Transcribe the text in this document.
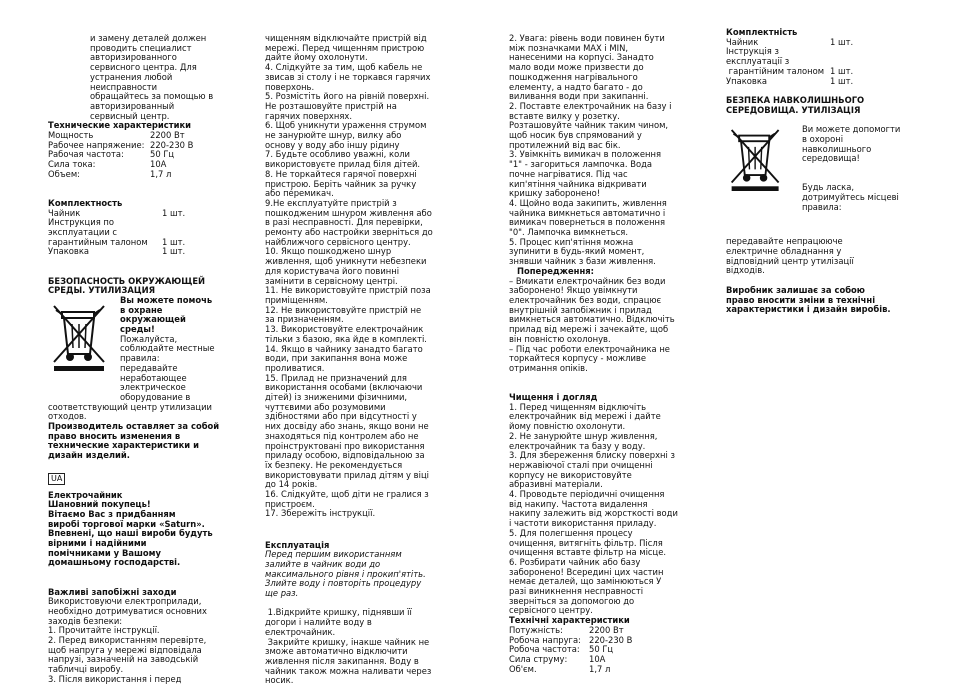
и замену деталей должен
проводить специалист
авторизированного
сервисного центра. Для
устранения любой
неисправности
обращайтесь за помощью в
авторизированный
сервисный центр.
Технические характеристики
Мощность	2200 Вт
Рабочее напряжение: 220-230 В
Рабочая частота:	50 Гц
Сила тока:	10А
Объем:	1,7 л
Комплектность
Чайник	1 шт.
Инструкция по эксплуатации с
гарантийным талоном	1 шт.
Упаковка	1 шт.
БЕЗОПАСНОСТЬ ОКРУЖАЮЩЕЙ
СРЕДЫ. УТИЛИЗАЦИЯ
Вы можете помочь
в охране
окружающей
среды!
Пожалуйста,
соблюдайте местные
правила:
передавайте
неработающее
электрическое
оборудование в
соответствующий центр утилизации
отходов.
Производитель оставляет за собой
право вносить изменения в
технические характеристики и
дизайн изделий.
UA
Електрочайник
Шановний покупець!
Вітаємо Вас з придбанням
виробі торгової марки «Saturn».
Впевнені, що наші вироби будуть
вірними і надійними
помічниками у Вашому
домашньому господарстві.
Важливі запобіжні заходи
Використовуючи електроприлади,
необхідно дотримуватися основних
заходів безпеки:
1. Прочитайте інструкції.
2. Перед використанням перевірте,
щоб напруга у мережі відповідала
напрузі, зазначеній на заводській
табличці виробу.
3. Після використання і перед
чищенням відключайте пристрій від
мережі. Перед чищенням пристрою
дайте йому охолонути.
4. Слідкуйте за тим, щоб кабель не
звисав зі столу і не торкався гарячих
поверхонь.
5. Розмістіть його на рівній поверхні.
Не розташовуйте пристрій на
гарячих поверхнях.
6. Щоб уникнути ураження струмом
не занурюйте шнур, вилку або
основу у воду або іншу рідину
7. Будьте особливо уважні, коли
використовуєте прилад біля дітей.
8. Не торкайтеся гарячої поверхні
пристрою. Беріть чайник за ручку
або пéремикач.
9.Не експлуатуйте пристрій з
пошкодженим шнуром живлення або
в разі несправності. Для перевірки,
ремонту або настройки зверніться до
найближчого сервісного центру.
10. Якщо пошкоджено шнур
живлення, щоб уникнути небезпеки
для користувача його повинні
замінити в сервісному центрі.
11. Не використовуйте пристрій поза
приміщенням.
12. Не використовуйте пристрій не
за призначенням.
13. Використовуйте електрочайник
тільки з базою, яка йде в комплекті.
14. Якщо в чайнику занадто багато
води, при закипання вона може
проливатися.
15. Прилад не призначений для
використання особами (включаючи
дітей) із зниженими фізичними,
чуттєвими або розумовими
здібностями або при відсутності у
них досвіду або знань, якщо вони не
знаходяться під контролем або не
проінструктовані про використання
приладу особою, відповідальною за
їх безпеку. Не рекомендується
використовувати прилад дітям у віці
до 14 років.
16. Слідкуйте, щоб діти не гралися з
пристроєм.
17. Збережіть інструкції.
Експлуатація
Перед першим використанням
залийте в чайник води до
максимального рівня і прокип'ятіть.
Злийте воду і повторіть процедуру
ще раз.
1.Відкрийте кришку, піднявши її
догори і налийте воду в
електрочайник.
Закрийте кришку, інакше чайник не
зможе автоматично відключити
живлення після закипання. Воду в
чайник також можна наливати через
носик.
2. Увага: рівень води повинен бути
між позначками MAX і MIN,
нанесеними на корпусі. Занадто
мало води може призвести до
пошкодження нагрівального
елементу, а надто багато - до
виливання води при закипанні.
2. Поставте електрочайник на базу і
вставте вилку у розетку.
Розташовуйте чайник таким чином,
щоб носик був спрямований у
протилежний від вас бік.
3. Увімкніть вимикач в положення
"1" - загориться лампочка. Вода
почне нагріватися. Під час
кип'ятіння чайника відкривати
кришку заборонено!
4. Щойно вода закипить, живлення
чайника вимкнеться автоматично і
вимикач повернеться в положення
"0". Лампочка вимкнеться.
5. Процес кип'ятіння можна
зупинити в будь-який момент,
знявши чайник з бази живлення.
Попередження:
– Вмикати електрочайник без води
заборонено! Якщо увімкнути
електрочайник без води, спрацює
внутрішній запобіжник і прилад
вимкнеться автоматично. Відключіть
прилад від мережі і зачекайте, щоб
він повністю охолонув.
– Під час роботи електрочайника не
торкайтеся корпусу - можливе
отримання опіків.
Чищення і догляд
1. Перед чищенням відключіть
електрочайник від мережі і дайте
йому повністю охолонути.
2. Не занурюйте шнур живлення,
електрочайник та базу у воду.
3. Для збереження блиску поверхні з
нержавіючої сталі при очищенні
корпусу не використовуйте
абразивні матеріали.
4. Проводьте періодичні очищення
від накипу. Частота видалення
накипу залежить від жорсткості води
і частоти використання приладу.
5. Для полегшення процесу
очищення, витягніть фільтр. Після
очищення вставте фільтр на місце.
6. Розбирати чайник або базу
заборонено! Всередині цих частин
немає деталей, що замінюються У
разі виникнення несправності
зверніться за допомогою до
сервісного центру.
Технічні характеристики
Потужність:	2200 Вт
Робоча напруга: 220-230 В
Робоча частота:	50 Гц
Сила струму:	10А
Об'єм.	1,7 л
Комплектність
Чайник	1 шт.
Інструкція з експлуатації з
гарантійним талоном 1 шт.
Упаковка	1 шт.
БЕЗПЕКА НАВКОЛИШНЬОГО
СЕРЕДОВИЩА. УТИЛІЗАЦІЯ
Ви можете допомогти
в охороні
навколишнього
середовища!
Будь ласка,
дотримуйтесь місцеві
правила:
передавайте непрацююче
електричне обладнання у
відповідний центр утилізації
відходів.
Виробник залишає за собою
право вносити зміни в технічні
характеристики і дизайн виробів.
